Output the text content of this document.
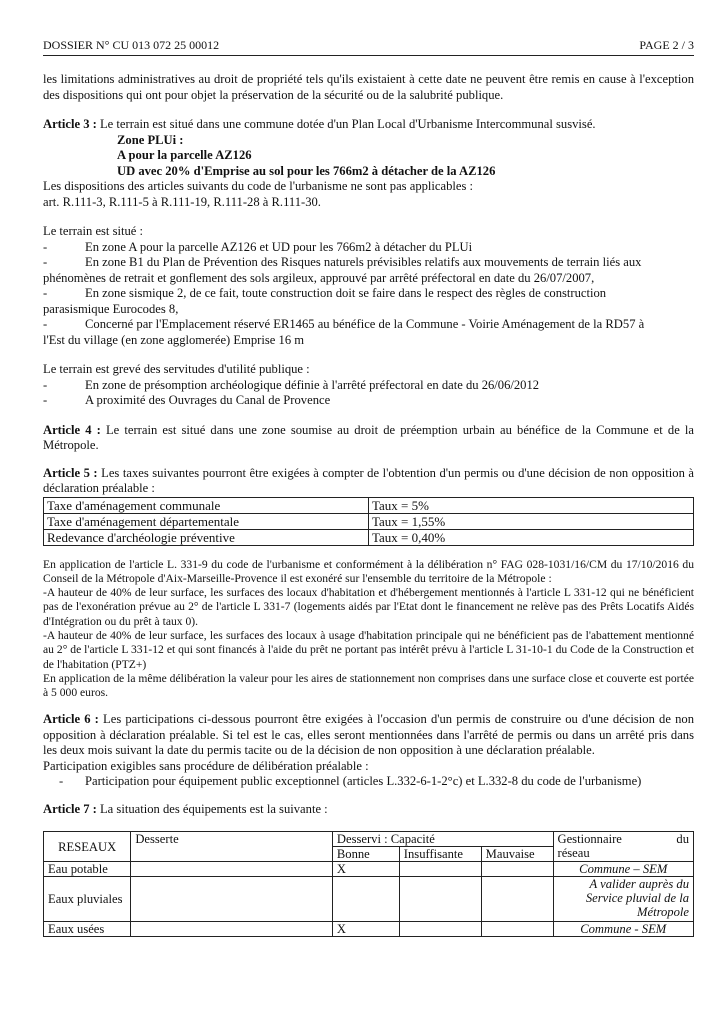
DOSSIER N° CU 013 072 25 00012	PAGE 2 / 3

les limitations administratives au droit de propriété tels qu'ils existaient à cette date ne peuvent être remis en cause à l'exception des dispositions qui ont pour objet la préservation de la sécurité ou de la salubrité publique.

Article 3 : Le terrain est situé dans une commune dotée d'un Plan Local d'Urbanisme Intercommunal susvisé.

Zone PLUi :
A pour la parcelle AZ126
UD avec 20% d'Emprise au sol pour les 766m2 à détacher de la AZ126

Les dispositions des articles suivants du code de l'urbanisme ne sont pas applicables :

art. R.111-3, R.111-5 à R.111-19, R.111-28 à R.111-30.

Le terrain est situé :

-	En zone A pour la parcelle AZ126 et UD pour les 766m2 à détacher du PLUi
-	En zone B1 du Plan de Prévention des Risques naturels prévisibles relatifs aux mouvements de terrain liés aux
phénomènes de retrait et gonflement des sols argileux, approuvé par arrêté préfectoral en date du 26/07/2007,
-	En zone sismique 2, de ce fait, toute construction doit se faire dans le respect des règles de construction
parasismique Eurocodes 8,
-	Concerné par l'Emplacement réservé ER1465 au bénéfice de la Commune - Voirie Aménagement de la RD57 à
l'Est du village (en zone agglomerée) Emprise 16 m

Le terrain est grevé des servitudes d'utilité publique :

-	En zone de présomption archéologique définie à l'arrêté préfectoral en date du 26/06/2012
-	A proximité des Ouvrages du Canal de Provence

Article 4 : Le terrain est situé dans une zone soumise au droit de préemption urbain au bénéfice de la Commune et de la Métropole.

Article 5 : Les taxes suivantes pourront être exigées à compter de l'obtention d'un permis ou d'une décision de non opposition à déclaration préalable :

Taxe d'aménagement communale	Taux = 5%
Taxe d'aménagement départementale	Taux = 1,55%
Redevance d'archéologie préventive	Taux = 0,40%

En application de l'article L. 331-9 du code de l'urbanisme et conformément à la délibération n° FAG 028-1031/16/CM du 17/10/2016 du Conseil de la Métropole d'Aix-Marseille-Provence il est exonéré sur l'ensemble du territoire de la Métropole :

-A hauteur de 40% de leur surface, les surfaces des locaux d'habitation et d'hébergement mentionnés à l'article L 331-12 qui ne bénéficient pas de l'exonération prévue au 2° de l'article L 331-7 (logements aidés par l'Etat dont le financement ne relève pas des Prêts Locatifs Aidés d'Intégration ou du prêt à taux 0).

-A hauteur de 40% de leur surface, les surfaces des locaux à usage d'habitation principale qui ne bénéficient pas de l'abattement mentionné au 2° de l'article L 331-12 et qui sont financés à l'aide du prêt ne portant pas intérêt prévu à l'article L 31-10-1 du Code de la Construction et de l'habitation (PTZ+)

En application de la même délibération la valeur pour les aires de stationnement non comprises dans une surface close et couverte est portée à 5 000 euros.

Article 6 : Les participations ci-dessous pourront être exigées à l'occasion d'un permis de construire ou d'une décision de non opposition à déclaration préalable. Si tel est le cas, elles seront mentionnées dans l'arrêté de permis ou dans un arrêté pris dans les deux mois suivant la date du permis tacite ou de la décision de non opposition à une déclaration préalable.

Participation exigibles sans procédure de délibération préalable :

-	Participation pour équipement public exceptionnel (articles L.332-6-1-2°c) et L.332-8 du code de l'urbanisme)

Article 7 : La situation des équipements est la suivante :

RESEAUX	Desserte	Desservi : Capacité			Gestionnaire du
réseau

		Bonne	Insuffisante	Mauvaise	
Eau potable		X			Commune – SEM
Eaux pluviales					A valider auprès du Service pluvial de la Métropole
Eaux usées		X			Commune - SEM
